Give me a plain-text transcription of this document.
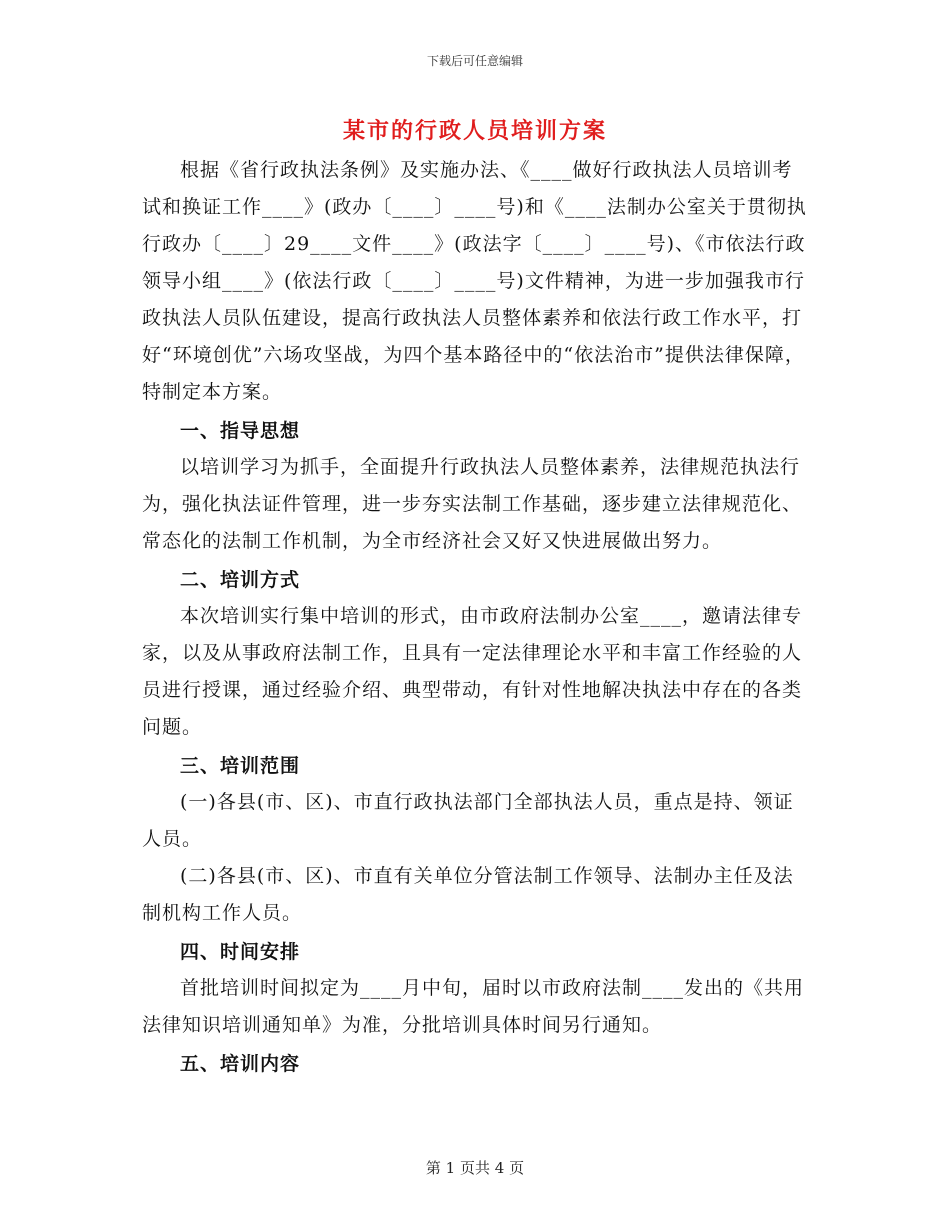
下载后可任意编辑
某市的行政人员培训方案

根据《省行政执法条例》及实施办法、《____做好行政执法人员培训考试和换证工作____》(政办〔____〕____号)和《____法制办公室关于贯彻执行政办〔____〕29____文件____》(政法字〔____〕____号)、《市依法行政领导小组____》(依法行政〔____〕____号)文件精神，为进一步加强我市行政执法人员队伍建设，提高行政执法人员整体素养和依法行政工作水平，打好“环境创优”六场攻坚战，为四个基本路径中的“依法治市”提供法律保障，特制定本方案。

一、指导思想

以培训学习为抓手，全面提升行政执法人员整体素养，法律规范执法行为，强化执法证件管理，进一步夯实法制工作基础，逐步建立法律规范化、常态化的法制工作机制，为全市经济社会又好又快进展做出努力。

二、培训方式

本次培训实行集中培训的形式，由市政府法制办公室____，邀请法律专家，以及从事政府法制工作，且具有一定法律理论水平和丰富工作经验的人员进行授课，通过经验介绍、典型带动，有针对性地解决执法中存在的各类问题。

三、培训范围

(一)各县(市、区)、市直行政执法部门全部执法人员，重点是持、领证人员。

(二)各县(市、区)、市直有关单位分管法制工作领导、法制办主任及法制机构工作人员。

四、时间安排

首批培训时间拟定为____月中旬，届时以市政府法制____发出的《共用法律知识培训通知单》为准，分批培训具体时间另行通知。

五、培训内容

第 1 页共 4 页
